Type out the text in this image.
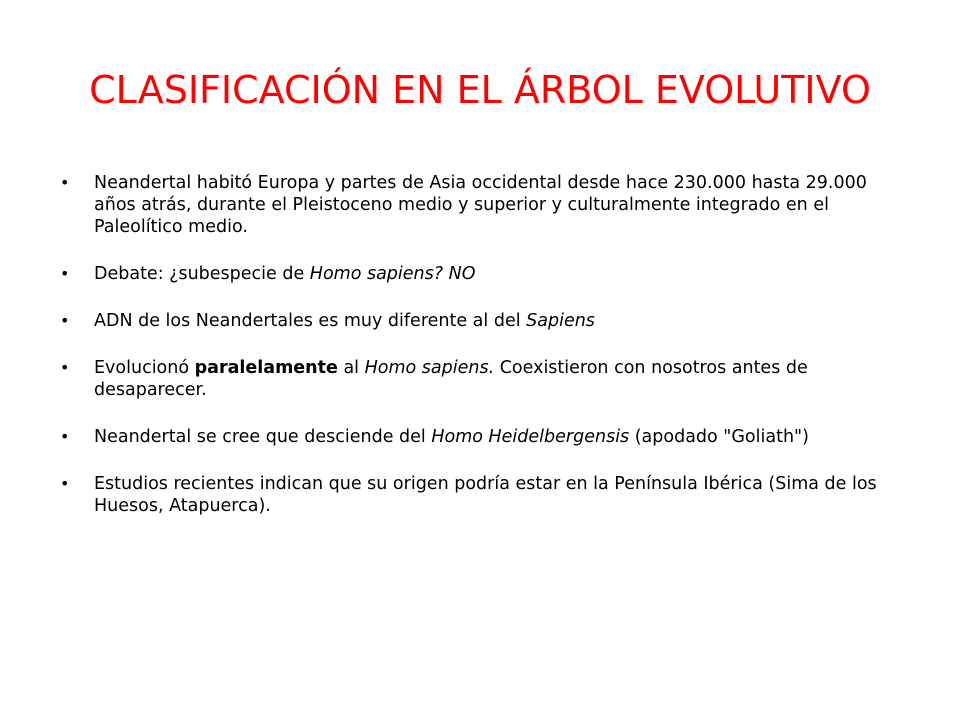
CLASIFICACIÓN EN EL ÁRBOL EVOLUTIVO
• Neandertal habitó Europa y partes de Asia occidental desde hace 230.000 hasta 29.000 años atrás, durante el Pleistoceno medio y superior y culturalmente integrado en el Paleolítico medio.
• Debate: ¿subespecie de Homo sapiens? NO
• ADN de los Neandertales es muy diferente al del Sapiens
• Evolucionó paralelamente al Homo sapiens. Coexistieron con nosotros antes de desaparecer.
• Neandertal se cree que desciende del Homo Heidelbergensis (apodado "Goliath")
• Estudios recientes indican que su origen podría estar en la Península Ibérica (Sima de los Huesos, Atapuerca).
